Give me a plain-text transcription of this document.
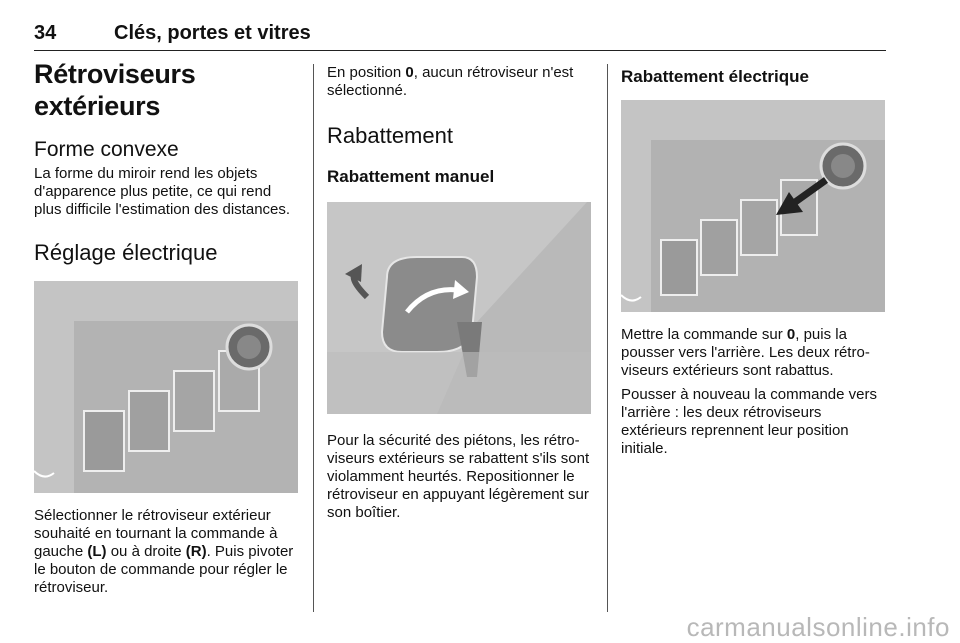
34	Clés, portes et vitres
Rétroviseurs extérieurs
Forme convexe

La forme du miroir rend les objets d'apparence plus petite, ce qui rend plus difficile l'estimation des distances.

Réglage électrique

Sélectionner le rétroviseur extérieur souhaité en tournant la commande à gauche (L) ou à droite (R). Puis pivoter le bouton de commande pour régler le rétroviseur.

En position 0, aucun rétroviseur n'est sélectionné.

Rabattement
Rabattement manuel

Pour la sécurité des piétons, les rétroviseurs extérieurs se rabattent s'ils sont violamment heurtés. Repositionner le rétroviseur en appuyant légèrement sur son boîtier.

Rabattement électrique

Mettre la commande sur 0, puis la pousser vers l'arrière. Les deux rétroviseurs extérieurs sont rabattus.

Pousser à nouveau la commande vers l'arrière : les deux rétroviseurs extérieurs reprennent leur position initiale.

carmanualsonline.info
